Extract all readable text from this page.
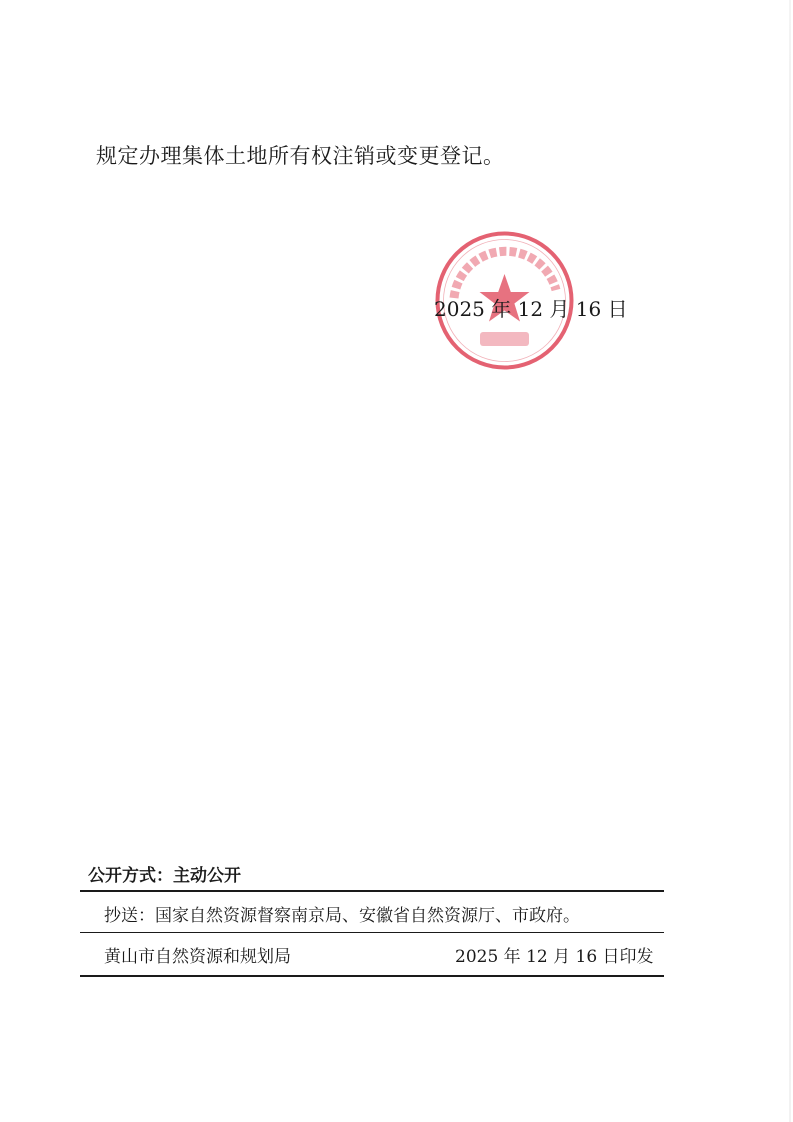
规定办理集体土地所有权注销或变更登记。
2025 年 12 月 16 日
公开方式：主动公开
抄送：国家自然资源督察南京局、安徽省自然资源厅、市政府。
黄山市自然资源和规划局	2025 年 12 月 16 日印发
